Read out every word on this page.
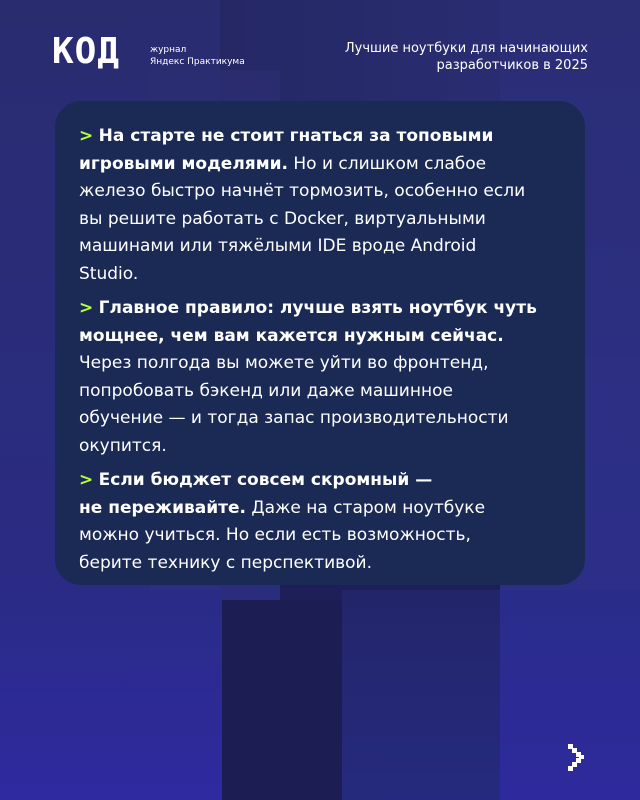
КОД	журнал
Яндекс Практикума
Лучшие ноутбуки для начинающих
разработчиков в 2025
> На старте не стоит гнаться за топовыми
игровыми моделями. Но и слишком слабое
железо быстро начнёт тормозить, особенно если
вы решите работать с Docker, виртуальными
машинами или тяжёлыми IDE вроде Android
Studio.
> Главное правило: лучше взять ноутбук чуть
мощнее, чем вам кажется нужным сейчас.
Через полгода вы можете уйти во фронтенд,
попробовать бэкенд или даже машинное
обучение — и тогда запас производительности
окупится.
> Если бюджет совсем скромный —
не переживайте. Даже на старом ноутбуке
можно учиться. Но если есть возможность,
берите технику с перспективой.
